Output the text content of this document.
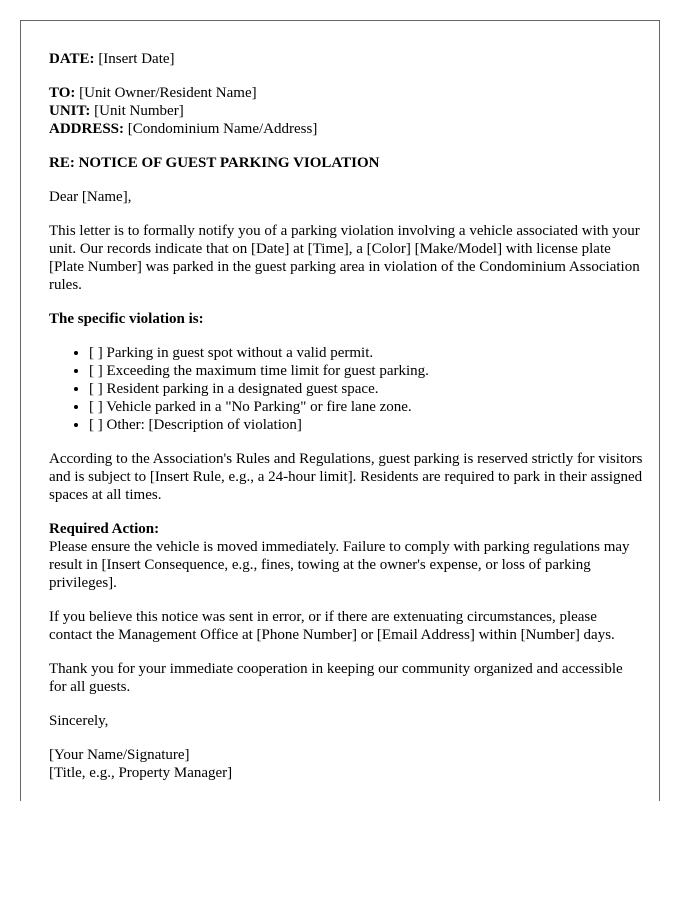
DATE: [Insert Date]

TO: [Unit Owner/Resident Name]
UNIT: [Unit Number]
ADDRESS: [Condominium Name/Address]

RE: NOTICE OF GUEST PARKING VIOLATION

Dear [Name],

This letter is to formally notify you of a parking violation involving a vehicle associated with your unit. Our records indicate that on [Date] at [Time], a [Color] [Make/Model] with license plate [Plate Number] was parked in the guest parking area in violation of the Condominium Association rules.

The specific violation is:

• [ ] Parking in guest spot without a valid permit.
• [ ] Exceeding the maximum time limit for guest parking.
• [ ] Resident parking in a designated guest space.
• [ ] Vehicle parked in a "No Parking" or fire lane zone.
• [ ] Other: [Description of violation]

According to the Association's Rules and Regulations, guest parking is reserved strictly for visitors and is subject to [Insert Rule, e.g., a 24-hour limit]. Residents are required to park in their assigned spaces at all times.

Required Action:
Please ensure the vehicle is moved immediately. Failure to comply with parking regulations may result in [Insert Consequence, e.g., fines, towing at the owner's expense, or loss of parking privileges].

If you believe this notice was sent in error, or if there are extenuating circumstances, please contact the Management Office at [Phone Number] or [Email Address] within [Number] days.

Thank you for your immediate cooperation in keeping our community organized and accessible for all guests.

Sincerely,

[Your Name/Signature]
[Title, e.g., Property Manager]
